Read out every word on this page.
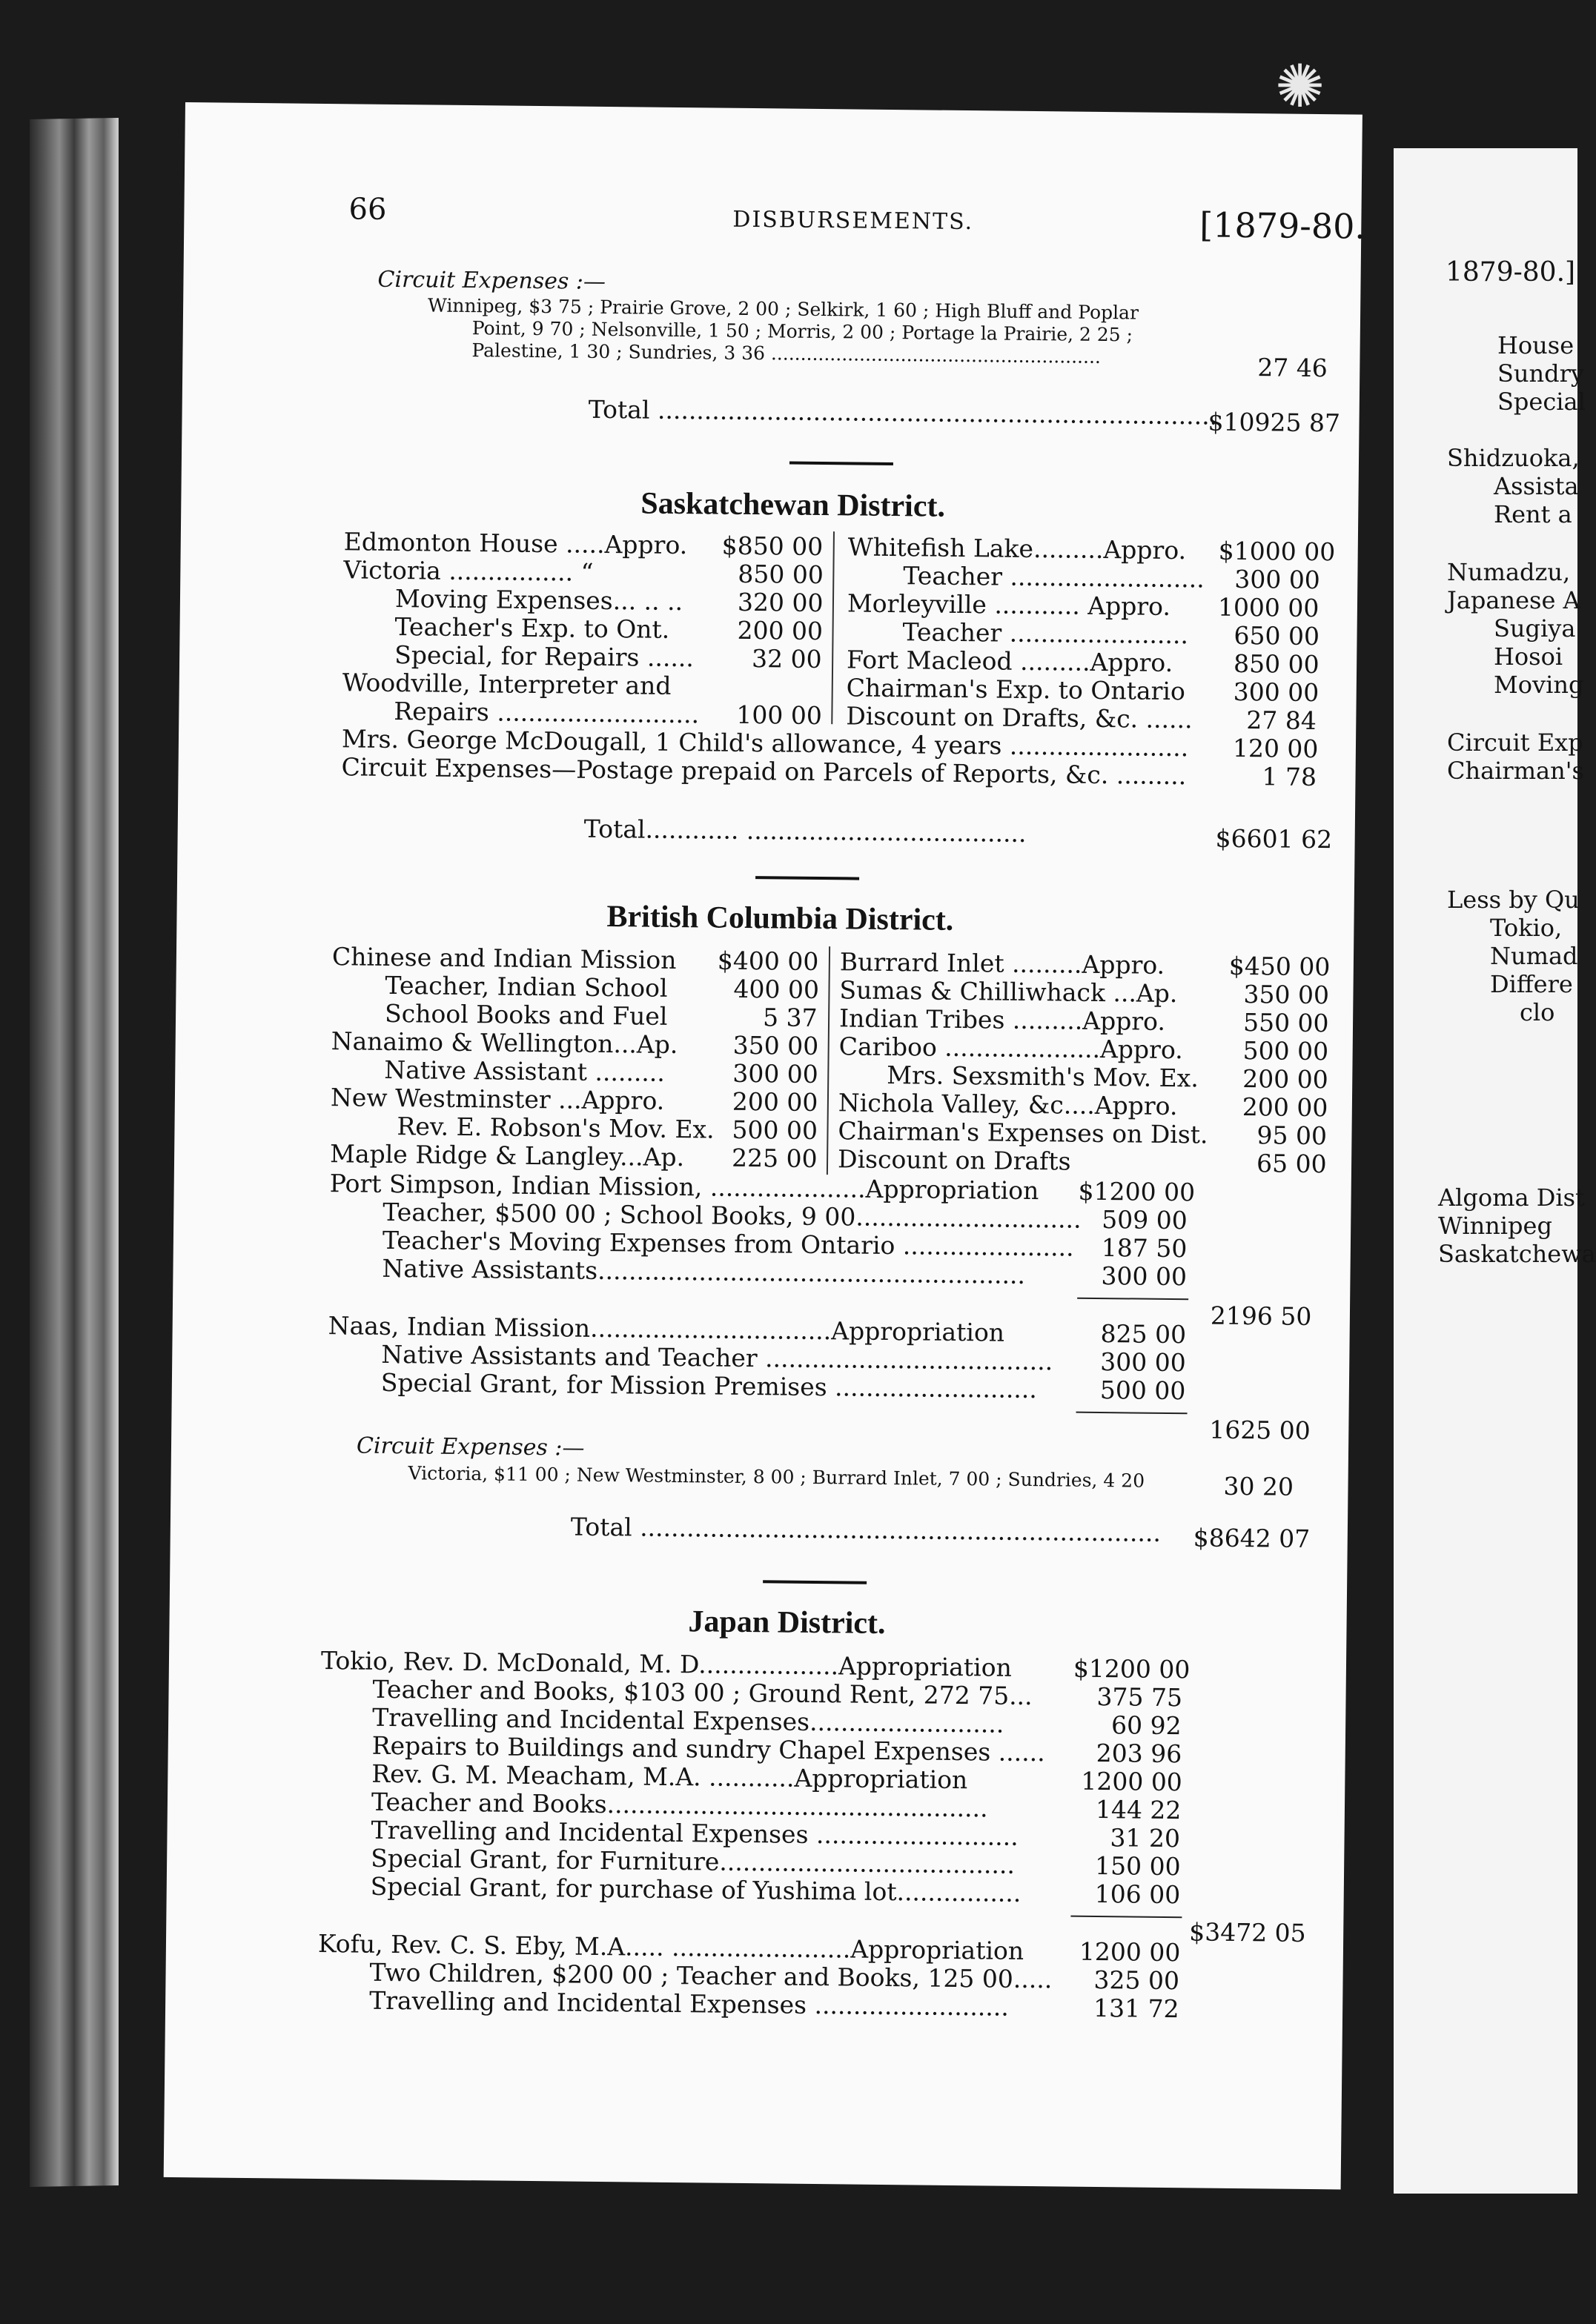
✺
1879-80.]
House
Sundry
Special
Shidzuoka,
Assista
Rent a
Numadzu,
Japanese A
Sugiya
Hosoi
Moving
Circuit Exp
Chairman's
Less by Qu
Tokio,
Numad
Differe
clo
Algoma Dist
Winnipeg
Saskatchewa
66	DISBURSEMENTS.	[1879-80.
Circuit Expenses :—
Winnipeg, $3 75 ; Prairie Grove, 2 00 ; Selkirk, 1 60 ; High Bluff and Poplar
Point, 9 70 ; Nelsonville, 1 50 ; Morris, 2 00 ; Portage la Prairie, 2 25 ;
Palestine, 1 30 ; Sundries, 3 36 ........................................................	27 46
Total ........................................................................
$10925 87
Saskatchewan District.
Edmonton House .....Appro. $850 00
Victoria ................ “	850 00
Moving Expenses... .. .. 320 00
Teacher's Exp. to Ont.	200 00
Special, for Repairs ...... 32 00
Woodville, Interpreter and
Repairs .......................... 100 00
Whitefish Lake.........Appro. $1000 00
Teacher ......................... 300 00
Morleyville ........... Appro. 1000 00
Teacher ....................... 650 00
Fort Macleod .........Appro. 850 00
Chairman's Exp. to Ontario 300 00
Discount on Drafts, &c. ...... 27 84
Mrs. George McDougall, 1 Child's allowance, 4 years ....................... 120 00
Circuit Expenses—Postage prepaid on Parcels of Reports, &c. .........	1 78
Total............ ....................................	$6601 62
British Columbia District.
Chinese and Indian Mission $400 00
Teacher, Indian School	400 00
School Books and Fuel	5 37
Nanaimo & Wellington...Ap. 350 00
Native Assistant .........	300 00
New Westminster ...Appro.	200 00
Rev. E. Robson's Mov. Ex. 500 00
Maple Ridge & Langley...Ap. 225 00
Burrard Inlet .........Appro.	$450 00
Sumas & Chilliwhack ...Ap.	350 00
Indian Tribes .........Appro.	550 00
Cariboo ....................Appro. 500 00
Mrs. Sexsmith's Mov. Ex. 200 00
Nichola Valley, &c....Appro.	200 00
Chairman's Expenses on Dist. 95 00
Discount on Drafts	65 00
Port Simpson, Indian Mission, ....................Appropriation $1200 00
Teacher, $500 00 ; School Books, 9 00............................. 509 00
Teacher's Moving Expenses from Ontario ...................... 187 50
Native Assistants.......................................................	300 00
2196 50
Naas, Indian Mission...............................Appropriation	825 00
Native Assistants and Teacher ..................................... 300 00
Special Grant, for Mission Premises ..........................	500 00
1625 00
Circuit Expenses :—
Victoria, $11 00 ; New Westminster, 8 00 ; Burrard Inlet, 7 00 ; Sundries, 4 20	30 20
Total ................................................................... $8642 07
Japan District.
Tokio, Rev. D. McDonald, M. D..................Appropriation	$1200 00
Teacher and Books, $103 00 ; Ground Rent, 272 75...	375 75
Travelling and Incidental Expenses.........................	60 92
Repairs to Buildings and sundry Chapel Expenses ...... 203 96
Rev. G. M. Meacham, M.A. ...........Appropriation	1200 00
Teacher and Books.................................................	144 22
Travelling and Incidental Expenses ..........................	31 20
Special Grant, for Furniture......................................	150 00
Special Grant, for purchase of Yushima lot................	106 00
$3472 05
Kofu, Rev. C. S. Eby, M.A..... .......................Appropriation 1200 00
Two Children, $200 00 ; Teacher and Books, 125 00..... 325 00
Travelling and Incidental Expenses .........................	131 72
